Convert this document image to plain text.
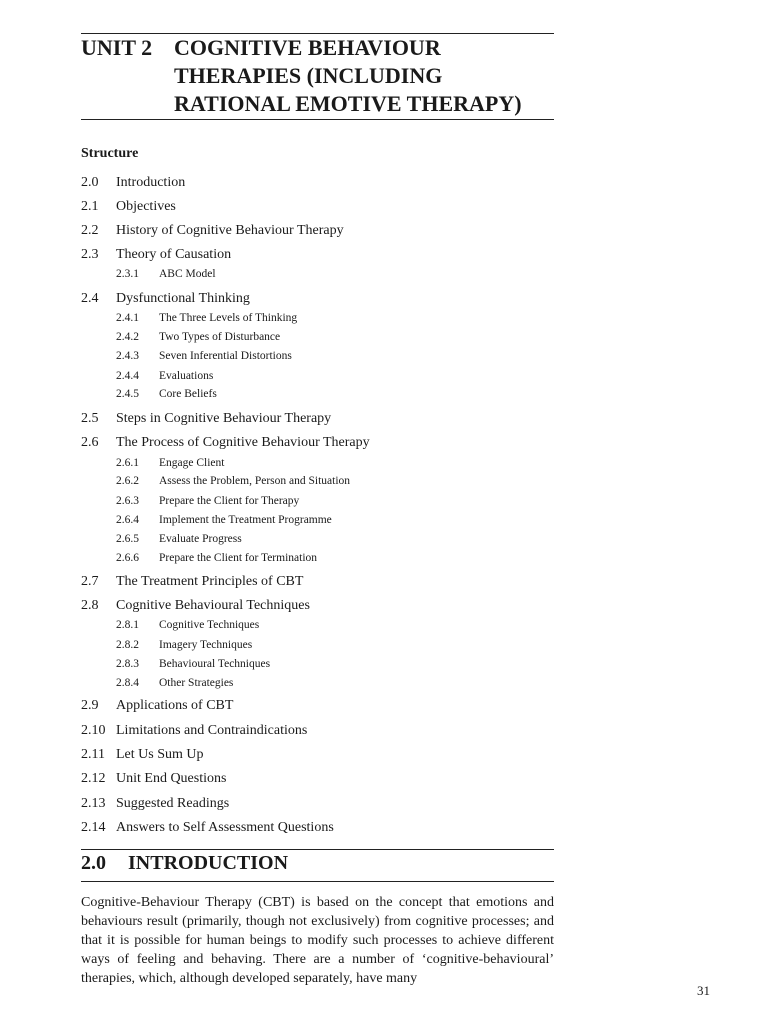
UNIT 2 COGNITIVE BEHAVIOUR
THERAPIES (INCLUDING
RATIONAL EMOTIVE THERAPY)
Structure
2.0 Introduction
2.1 Objectives
2.2 History of Cognitive Behaviour Therapy
2.3 Theory of Causation
2.3.1 ABC Model
2.4 Dysfunctional Thinking
2.4.1 The Three Levels of Thinking
2.4.2 Two Types of Disturbance
2.4.3 Seven Inferential Distortions
2.4.4 Evaluations
2.4.5 Core Beliefs
2.5 Steps in Cognitive Behaviour Therapy
2.6 The Process of Cognitive Behaviour Therapy
2.6.1 Engage Client
2.6.2 Assess the Problem, Person and Situation
2.6.3 Prepare the Client for Therapy
2.6.4 Implement the Treatment Programme
2.6.5 Evaluate Progress
2.6.6 Prepare the Client for Termination
2.7 The Treatment Principles of CBT
2.8 Cognitive Behavioural Techniques
2.8.1 Cognitive Techniques
2.8.2 Imagery Techniques
2.8.3 Behavioural Techniques
2.8.4 Other Strategies
2.9 Applications of CBT
2.10 Limitations and Contraindications
2.11 Let Us Sum Up
2.12 Unit End Questions
2.13 Suggested Readings
2.14 Answers to Self Assessment Questions
2.0 INTRODUCTION
Cognitive-Behaviour Therapy (CBT) is based on the concept that emotions and behaviours result (primarily, though not exclusively) from cognitive processes; and that it is possible for human beings to modify such processes to achieve different ways of feeling and behaving. There are a number of ‘cognitive-behavioural’ therapies, which, although developed separately, have many
31
